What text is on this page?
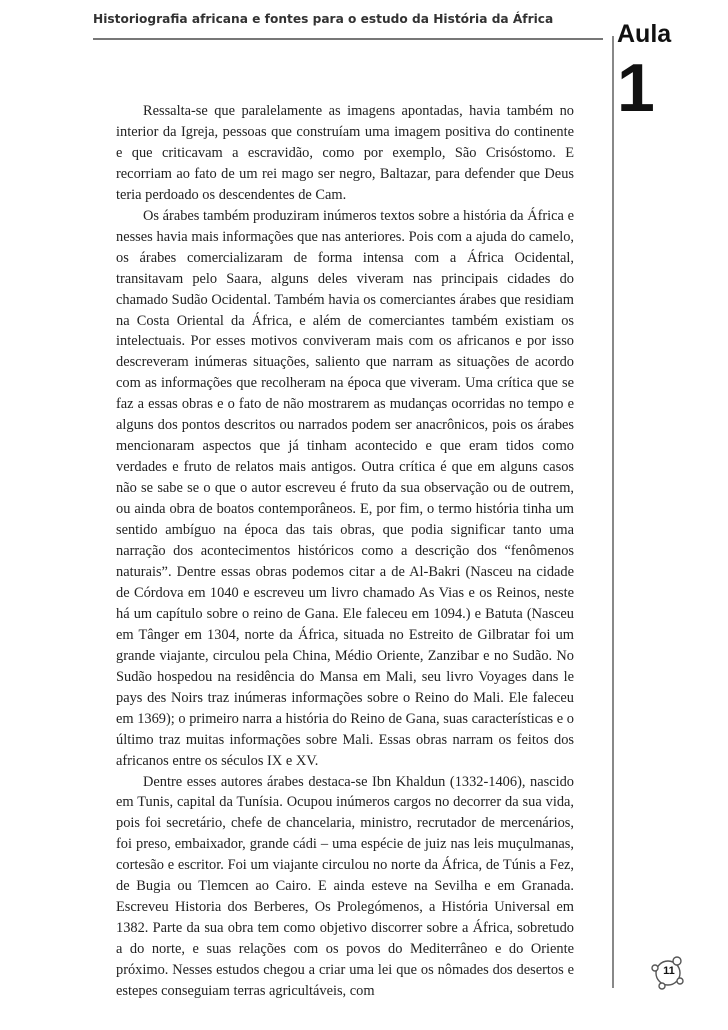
Historiografia africana e fontes para o estudo da História da África
Aula
1

Ressalta-se que paralelamente as imagens apontadas, havia também no interior da Igreja, pessoas que construíam uma imagem positiva do continente e que criticavam a escravidão, como por exemplo, São Crisóstomo. E recorriam ao fato de um rei mago ser negro, Baltazar, para defender que Deus teria perdoado os descendentes de Cam.

Os árabes também produziram inúmeros textos sobre a história da África e nesses havia mais informações que nas anteriores. Pois com a ajuda do camelo, os árabes comercializaram de forma intensa com a África Ocidental, transitavam pelo Saara, alguns deles viveram nas principais cidades do chamado Sudão Ocidental. Também havia os comerciantes árabes que residiam na Costa Oriental da África, e além de comerciantes também existiam os intelectuais. Por esses motivos conviveram mais com os africanos e por isso descreveram inúmeras situações, saliento que narram as situações de acordo com as informações que recolheram na época que viveram. Uma crítica que se faz a essas obras e o fato de não mostrarem as mudanças ocorridas no tempo e alguns dos pontos descritos ou narrados podem ser anacrônicos, pois os árabes mencionaram aspectos que já tinham acontecido e que eram tidos como verdades e fruto de relatos mais antigos. Outra crítica é que em alguns casos não se sabe se o que o autor escreveu é fruto da sua observação ou de outrem, ou ainda obra de boatos contemporâneos. E, por fim, o termo história tinha um sentido ambíguo na época das tais obras, que podia significar tanto uma narração dos acontecimentos históricos como a descrição dos “fenômenos naturais”. Dentre essas obras podemos citar a de Al-Bakri (Nasceu na cidade de Córdova em 1040 e escreveu um livro chamado As Vias e os Reinos, neste há um capítulo sobre o reino de Gana. Ele faleceu em 1094.) e Batuta (Nasceu em Tânger em 1304, norte da África, situada no Estreito de Gilbratar foi um grande viajante, circulou pela China, Médio Oriente, Zanzibar e no Sudão. No Sudão hospedou na residência do Mansa em Mali, seu livro Voyages dans le pays des Noirs traz inúmeras informações sobre o Reino do Mali. Ele faleceu em 1369); o primeiro narra a história do Reino de Gana, suas características e o último traz muitas informações sobre Mali. Essas obras narram os feitos dos africanos entre os séculos IX e XV.

Dentre esses autores árabes destaca-se Ibn Khaldun (1332-1406), nascido em Tunis, capital da Tunísia. Ocupou inúmeros cargos no decorrer da sua vida, pois foi secretário, chefe de chancelaria, ministro, recrutador de mercenários, foi preso, embaixador, grande cádi – uma espécie de juiz nas leis muçulmanas, cortesão e escritor. Foi um viajante circulou no norte da África, de Túnis a Fez, de Bugia ou Tlemcen ao Cairo. E ainda esteve na Sevilha e em Granada. Escreveu Historia dos Berberes, Os Prolegómenos, a História Universal em 1382. Parte da sua obra tem como objetivo discorrer sobre a África, sobretudo a do norte, e suas relações com os povos do Mediterrâneo e do Oriente próximo. Nesses estudos chegou a criar uma lei que os nômades dos desertos e estepes conseguiam terras agricultáveis, com

11
